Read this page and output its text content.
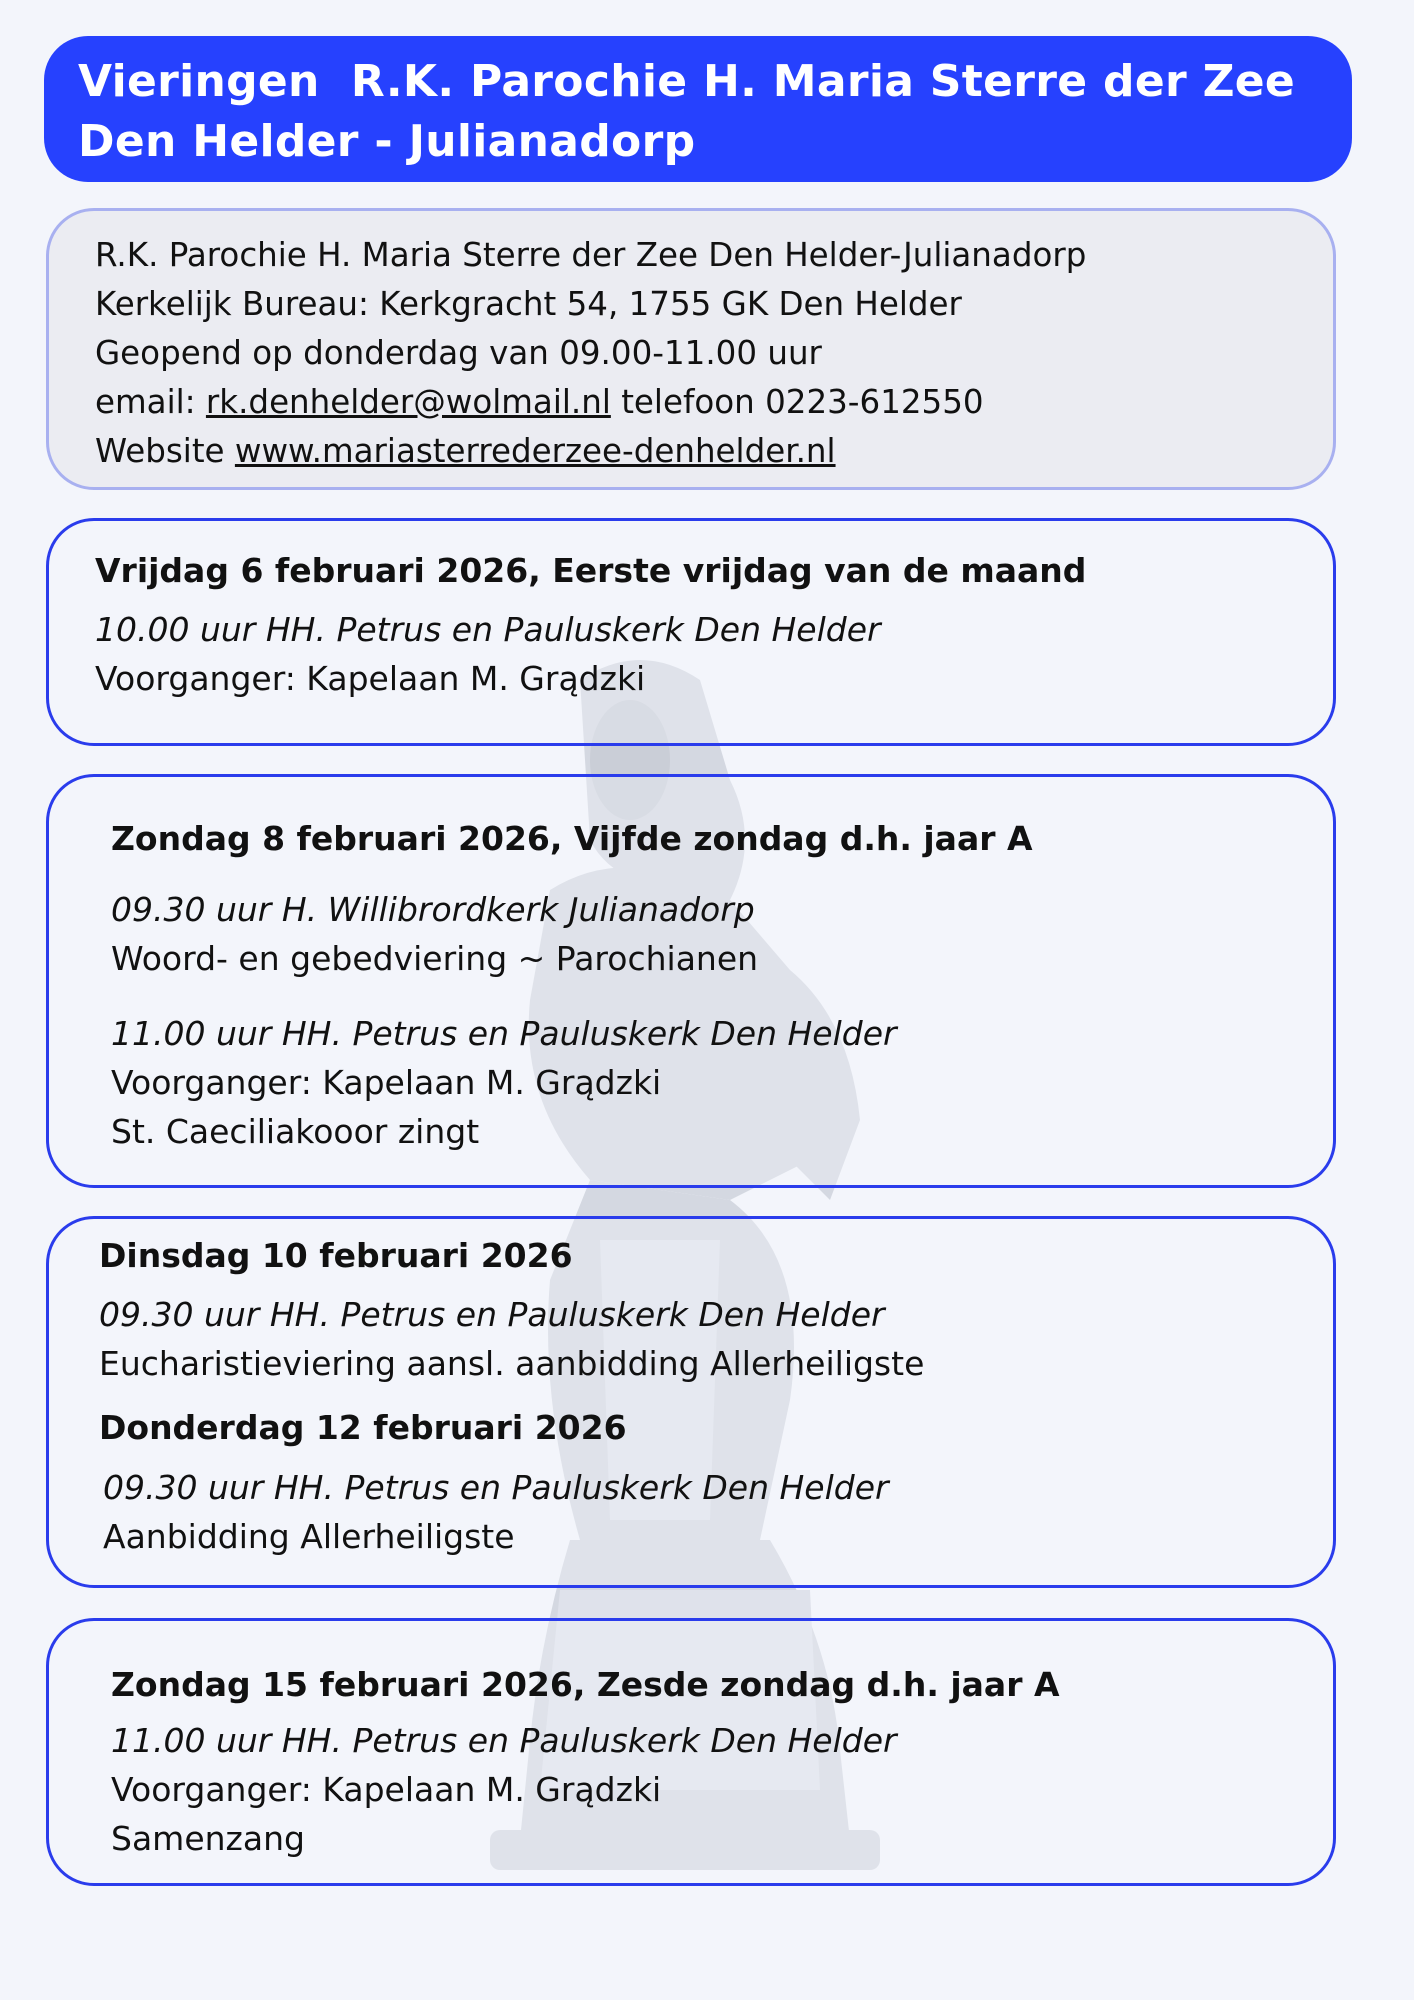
Vieringen  R.K. Parochie H. Maria Sterre der Zee
Den Helder - Julianadorp
R.K. Parochie H. Maria Sterre der Zee Den Helder-Julianadorp
Kerkelijk Bureau: Kerkgracht 54, 1755 GK Den Helder
Geopend op donderdag van 09.00-11.00 uur
email: rk.denhelder@wolmail.nl telefoon 0223-612550
Website www.mariasterrederzee-denhelder.nl
Vrijdag 6 februari 2026, Eerste vrijdag van de maand
10.00 uur HH. Petrus en Pauluskerk Den Helder
Voorganger: Kapelaan M. Grądzki
Zondag 8 februari 2026, Vijfde zondag d.h. jaar A
09.30 uur H. Willibrordkerk Julianadorp
Woord- en gebedviering ~ Parochianen
11.00 uur HH. Petrus en Pauluskerk Den Helder
Voorganger: Kapelaan M. Grądzki
St. Caeciliakooor zingt
Dinsdag 10 februari 2026
09.30 uur HH. Petrus en Pauluskerk Den Helder
Eucharistieviering aansl. aanbidding Allerheiligste
Donderdag 12 februari 2026
09.30 uur HH. Petrus en Pauluskerk Den Helder
Aanbidding Allerheiligste
Zondag 15 februari 2026, Zesde zondag d.h. jaar A
11.00 uur HH. Petrus en Pauluskerk Den Helder
Voorganger: Kapelaan M. Grądzki
Samenzang
